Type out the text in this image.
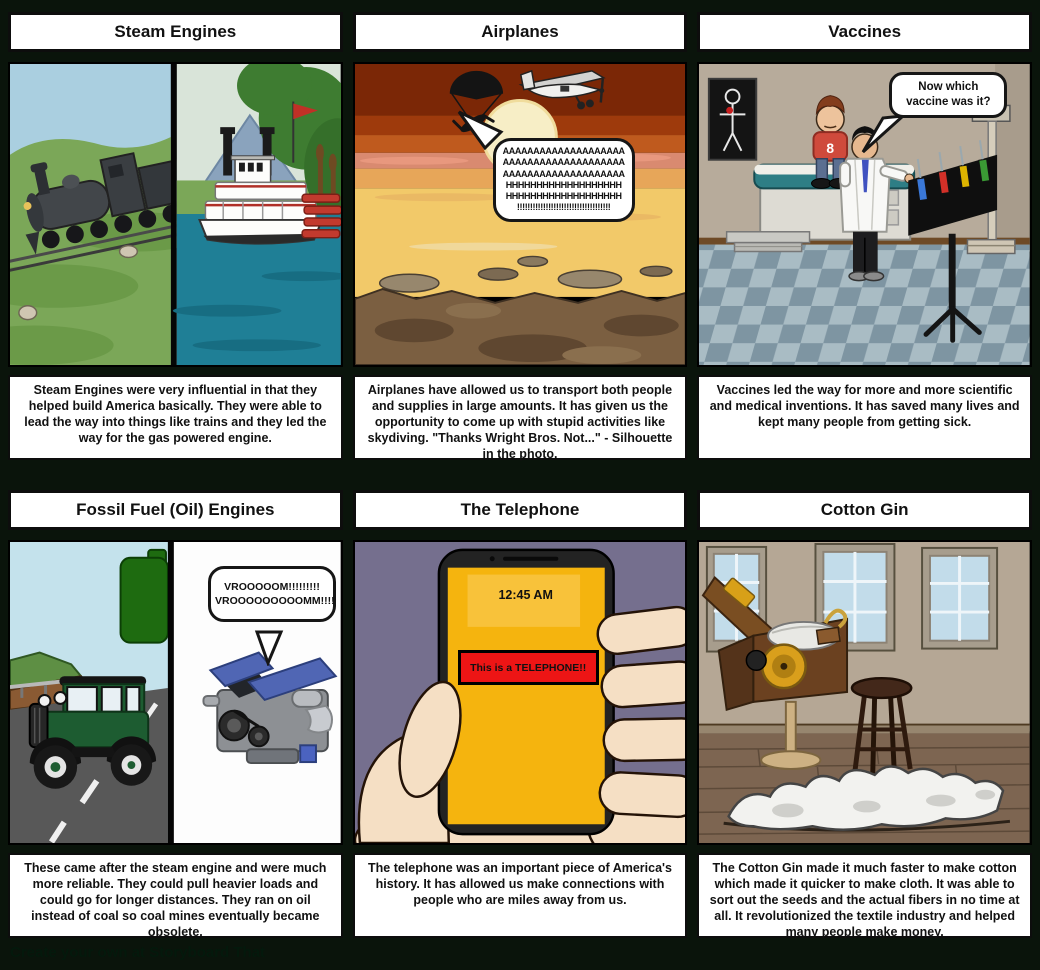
Steam Engines
Steam Engines were very influential in that they helped build America basically. They were able to lead the way into things like trains and they led the way for the gas powered engine.
Airplanes
AAAAAAAAAAAAAAAAAAAA
AAAAAAAAAAAAAAAAAAAA
AAAAAAAAAAAAAAAAAAAA
HHHHHHHHHHHHHHHHHHH
HHHHHHHHHHHHHHHHHHH
!!!!!!!!!!!!!!!!!!!!!!!!!!!!!!!!!!!!
Airplanes have allowed us to transport both people and supplies in large amounts. It has given us the opportunity to come up with stupid activities like skydiving. "Thanks Wright Bros. Not..." - Silhouette in the photo.
Vaccines
8
Now which
vaccine was it?
Vaccines led the way for more and more scientific and medical inventions. It has saved many lives and kept many people from getting sick.
Fossil Fuel (Oil) Engines
VROOOOOM!!!!!!!!!
VROOOOOOOOOMM!!!!
These came after the steam engine and were much more reliable. They could pull heavier loads and could go for longer distances. They ran on oil instead of coal so coal mines eventually became obsolete.
The Telephone
12:45 AM
This is a TELEPHONE!!
The telephone was an important piece of America's history. It has allowed us make connections with people who are miles away from us.
Cotton Gin
The Cotton Gin made it much faster to make cotton which made it quicker to make cloth. It was able to sort out the seeds and the actual fibers in no time at all. It revolutionized the textile industry and helped many people make money.
Create your own at Storyboard That
